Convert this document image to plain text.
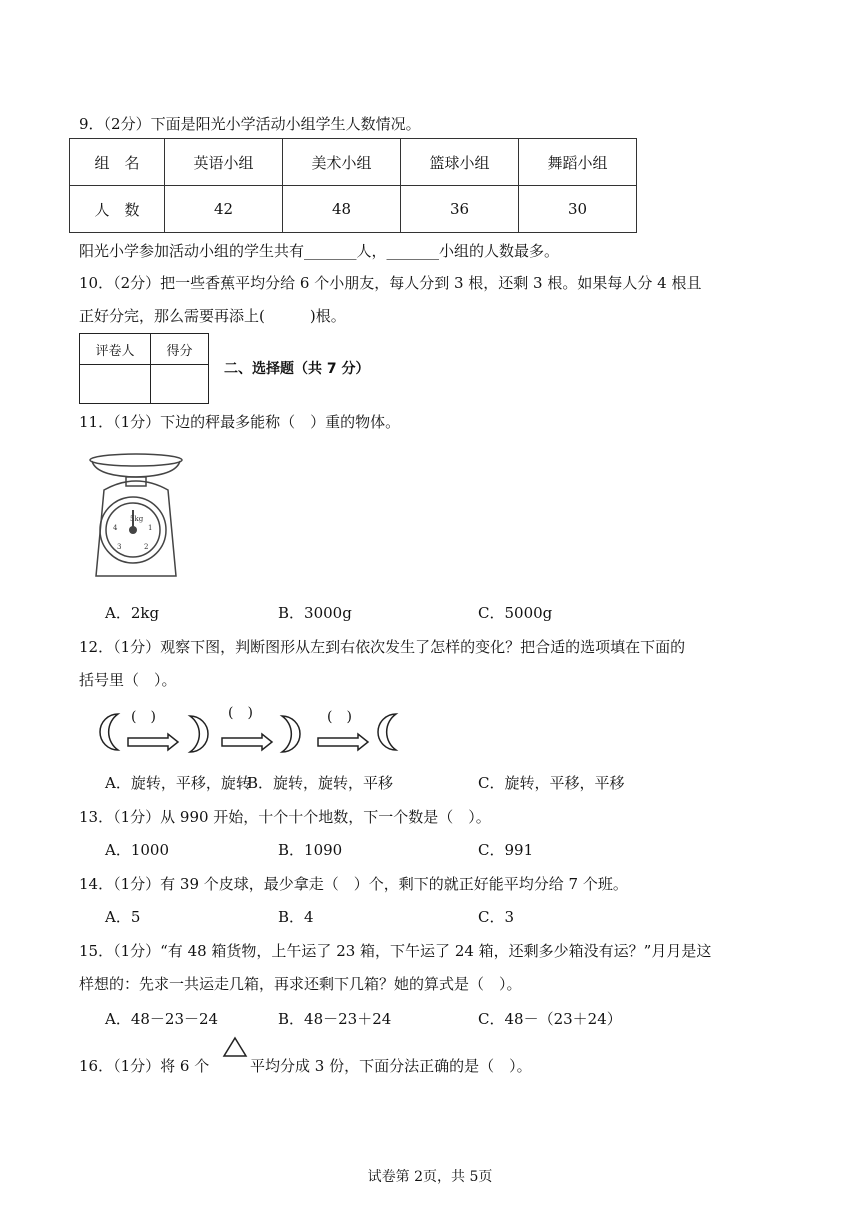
9．（2分）下面是阳光小学活动小组学生人数情况。
组　名	英语小组	美术小组	篮球小组	舞蹈小组
人　数	42	48	36	30
阳光小学参加活动小组的学生共有_______人，_______小组的人数最多。
10．（2分）把一些香蕉平均分给 6 个小朋友，每人分到 3 根，还剩 3 根。如果每人分 4 根且
正好分完，那么需要再添上(　　　)根。
评卷人	得分

二、选择题（共 7 分）
11．（1分）下边的秤最多能称（　）重的物体。
5kg
1
2
3
4
A．2kg	B．3000g	C．5000g
12．（1分）观察下图，判断图形从左到右依次发生了怎样的变化？把合适的选项填在下面的
括号里（　）。
(　)	(　)	(　)
A．旋转，平移，旋转
B．旋转，旋转，平移	C．旋转，平移，平移
13．（1分）从 990 开始，十个十个地数，下一个数是（　）。
A．1000	B．1090	C．991
14．（1分）有 39 个皮球，最少拿走（　）个，剩下的就正好能平均分给 7 个班。
A．5	B．4	C．3
15．（1分）“有 48 箱货物，上午运了 23 箱，下午运了 24 箱，还剩多少箱没有运？”月月是这
样想的：先求一共运走几箱，再求还剩下几箱？她的算式是（　）。
A．48－23－24	B．48－23＋24	C．48－（23＋24）
16．（1分）将 6 个	平均分成 3 份，下面分法正确的是（　）。
试卷第 2页，共 5页
